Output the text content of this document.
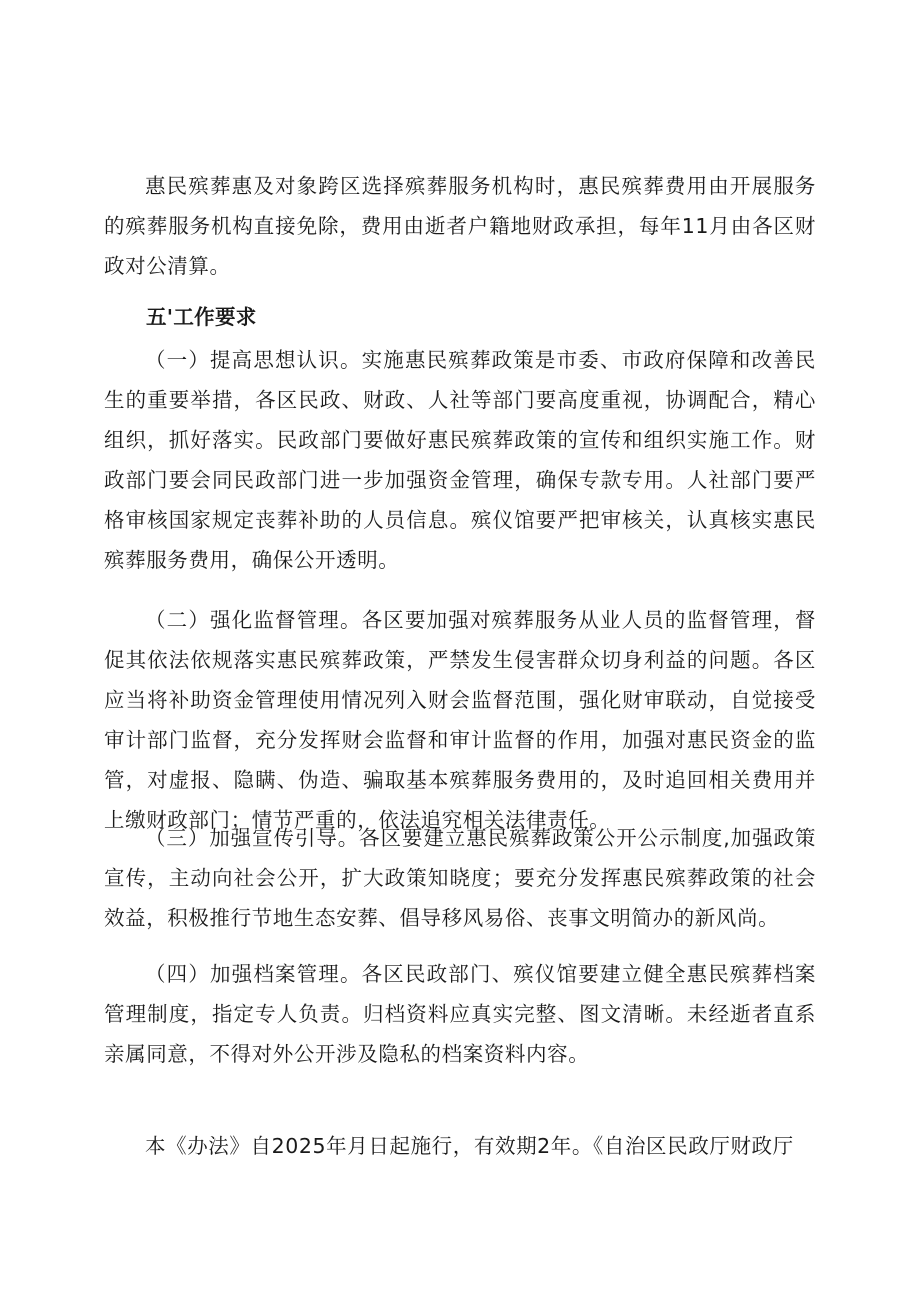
惠民殡葬惠及对象跨区选择殡葬服务机构时，惠民殡葬费用由开展服务的殡葬服务机构直接免除，费用由逝者户籍地财政承担，每年11月由各区财政对公清算。

五'工作要求

（一）提高思想认识。实施惠民殡葬政策是市委、市政府保障和改善民生的重要举措，各区民政、财政、人社等部门要高度重视，协调配合，精心组织，抓好落实。民政部门要做好惠民殡葬政策的宣传和组织实施工作。财政部门要会同民政部门进一步加强资金管理，确保专款专用。人社部门要严格审核国家规定丧葬补助的人员信息。殡仪馆要严把审核关，认真核实惠民殡葬服务费用，确保公开透明。

（二）强化监督管理。各区要加强对殡葬服务从业人员的监督管理，督促其依法依规落实惠民殡葬政策，严禁发生侵害群众切身利益的问题。各区应当将补助资金管理使用情况列入财会监督范围，强化财审联动，自觉接受审计部门监督，充分发挥财会监督和审计监督的作用，加强对惠民资金的监管，对虚报、隐瞒、伪造、骗取基本殡葬服务费用的，及时追回相关费用并上缴财政部门；情节严重的，依法追究相关法律责任。

（三）加强宣传引导。各区要建立惠民殡葬政策公开公示制度,加强政策宣传，主动向社会公开，扩大政策知晓度；要充分发挥惠民殡葬政策的社会效益，积极推行节地生态安葬、倡导移风易俗、丧事文明简办的新风尚。

（四）加强档案管理。各区民政部门、殡仪馆要建立健全惠民殡葬档案管理制度，指定专人负责。归档资料应真实完整、图文清晰。未经逝者直系亲属同意，不得对外公开涉及隐私的档案资料内容。

本《办法》自2025年月日起施行，有效期2年。《自治区民政厅财政厅
